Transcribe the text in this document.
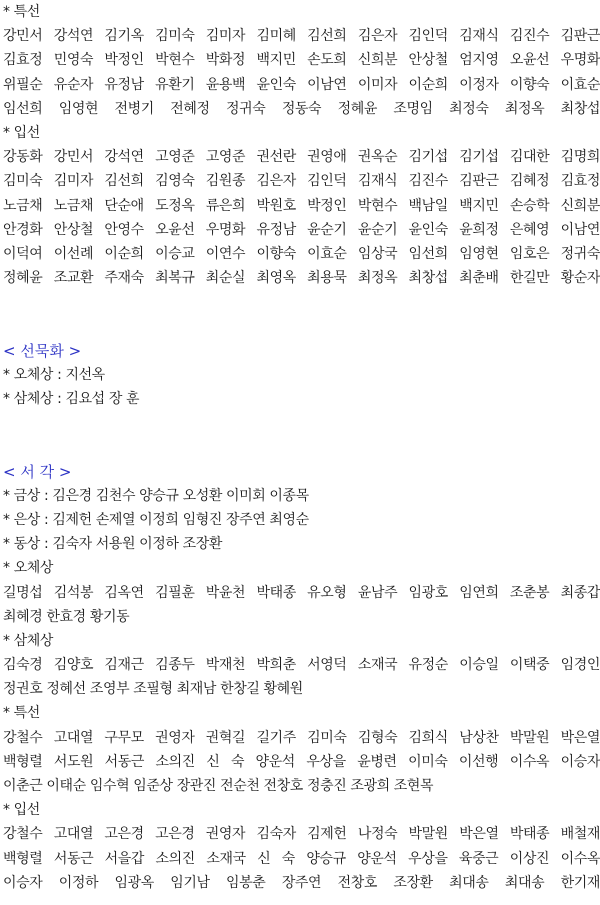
* 특선
강민서 강석연 김기옥 김미숙 김미자 김미혜 김선희 김은자 김인덕 김재식 김진수 김판근
김효정 민영숙 박정인 박현수 박화정 백지민 손도희 신희분 안상철 엄지영 오윤선 우명화
위필순 유순자 유정남 유환기 윤용백 윤인숙 이남연 이미자 이순희 이정자 이향숙 이효순
임선희 임영현 전병기 전혜정 정귀숙 정동숙 정혜윤 조명임 최정숙 최정옥 최창섭
* 입선
강동화 강민서 강석연 고영준 고영준 권선란 권영애 권옥순 김기섭 김기섭 김대한 김명희
김미숙 김미자 김선희 김영숙 김원종 김은자 김인덕 김재식 김진수 김판근 김혜정 김효정
노금채 노금채 단순애 도정옥 류은희 박원호 박정인 박현수 백남일 백지민 손승학 신희분
안경화 안상철 안영수 오윤선 우명화 유정남 윤순기 윤순기 윤인숙 윤희정 은혜영 이남연
이덕여 이선례 이순희 이승교 이연수 이향숙 이효순 임상국 임선희 임영현 임호은 정귀숙
정혜윤 조교환 주재숙 최복규 최순실 최영옥 최용묵 최정옥 최창섭 최춘배 한길만 황순자
< 선묵화 >
* 오체상 : 지선옥
* 삼체상 : 김요섭 장 훈
< 서 각 >
* 금상 : 김은경 김천수 양승규 오성환 이미회 이종목
* 은상 : 김제헌 손제열 이정희 임형진 장주연 최영순
* 동상 : 김숙자 서용원 이정하 조장환
* 오체상
길명섭 김석봉 김옥연 김필훈 박윤천 박태종 유오형 윤남주 임광호 임연희 조춘봉 최종갑
최혜경 한효경 황기동
* 삼체상
김숙경 김양호 김재근 김종두 박재천 박희춘 서영덕 소재국 유정순 이승일 이택중 임경인
정권호 정혜선 조영부 조필형 최재남 한창길 황혜원
* 특선
강철수 고대열 구무모 권영자 권혁길 길기주 김미숙 김형숙 김희식 남상찬 박말원 박은열
백형렬 서도원 서동근 소의진 신 숙 양운석 우상을 윤병련 이미숙 이선행 이수옥 이승자
이춘근 이태순 임수혁 임준상 장관진 전순천 전창호 정충진 조광희 조현목
* 입선
강철수 고대열 고은경 고은경 권영자 김숙자 김제헌 나정숙 박말원 박은열 박태종 배철재
백형렬 서동근 서을갑 소의진 소재국 신 숙 양승규 양운석 우상을 육중근 이상진 이수옥
이승자 이정하 임광옥 임기남 임봉춘 장주연 전창호 조장환 최대송 최대송 한기재
